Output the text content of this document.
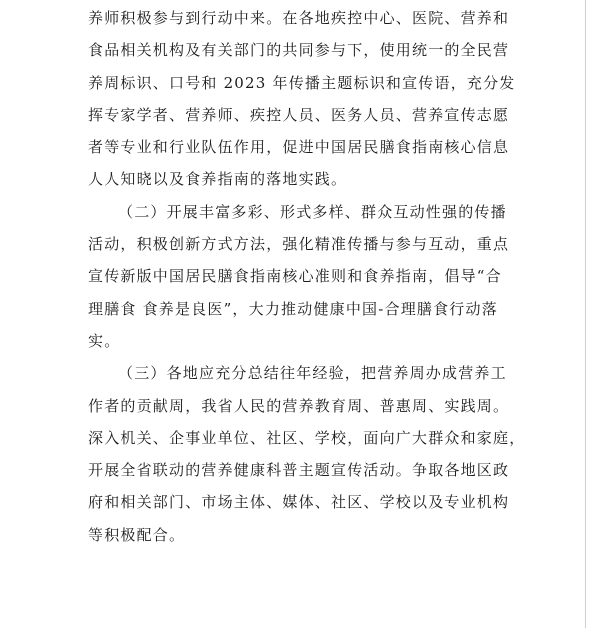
养师积极参与到行动中来。在各地疾控中心、医院、营养和
食品相关机构及有关部门的共同参与下，使用统一的全民营
养周标识、口号和 2023 年传播主题标识和宣传语，充分发
挥专家学者、营养师、疾控人员、医务人员、营养宣传志愿
者等专业和行业队伍作用，促进中国居民膳食指南核心信息
人人知晓以及食养指南的落地实践。
（二）开展丰富多彩、形式多样、群众互动性强的传播
活动，积极创新方式方法，强化精准传播与参与互动，重点
宣传新版中国居民膳食指南核心准则和食养指南，倡导“合
理膳食 食养是良医”，大力推动健康中国-合理膳食行动落
实。
（三）各地应充分总结往年经验，把营养周办成营养工
作者的贡献周，我省人民的营养教育周、普惠周、实践周。
深入机关、企事业单位、社区、学校，面向广大群众和家庭，
开展全省联动的营养健康科普主题宣传活动。争取各地区政
府和相关部门、市场主体、媒体、社区、学校以及专业机构
等积极配合。
